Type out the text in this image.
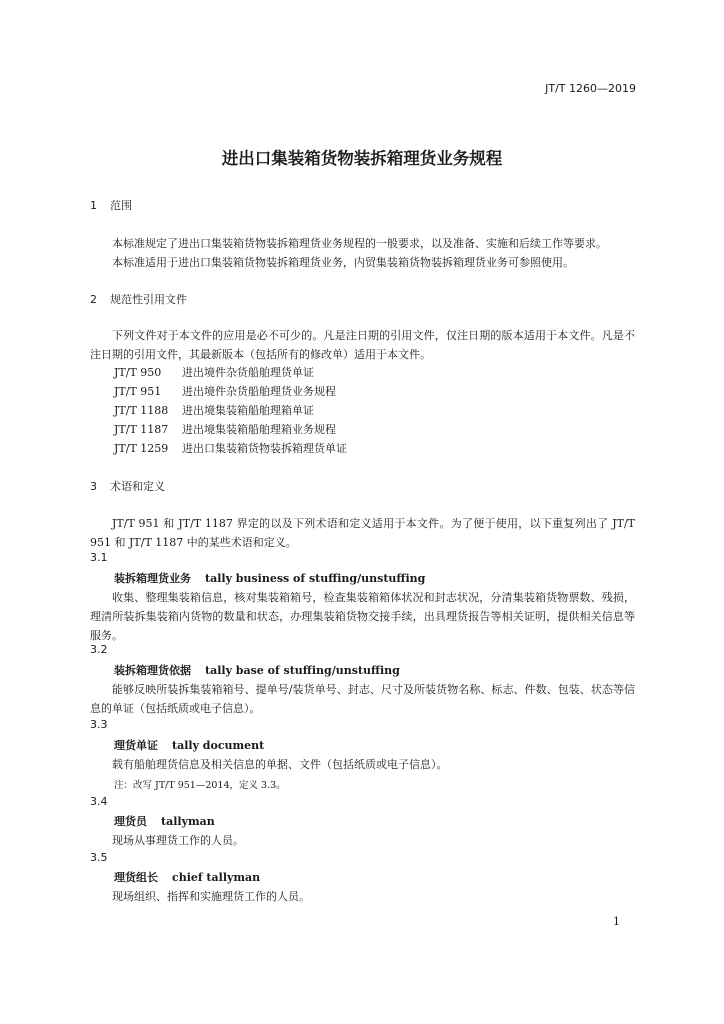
JT/T 1260—2019
进出口集装箱货物装拆箱理货业务规程
1 范围
本标准规定了进出口集装箱货物装拆箱理货业务规程的一般要求，以及准备、实施和后续工作等要求。
本标准适用于进出口集装箱货物装拆箱理货业务，内贸集装箱货物装拆箱理货业务可参照使用。
2 规范性引用文件
下列文件对于本文件的应用是必不可少的。凡是注日期的引用文件，仅注日期的版本适用于本文件。凡是不注日期的引用文件，其最新版本（包括所有的修改单）适用于本文件。
JT/T 950 进出境件杂货船舶理货单证
JT/T 951 进出境件杂货船舶理货业务规程
JT/T 1188 进出境集装箱船舶理箱单证
JT/T 1187 进出境集装箱船舶理箱业务规程
JT/T 1259 进出口集装箱货物装拆箱理货单证
3 术语和定义
JT/T 951 和 JT/T 1187 界定的以及下列术语和定义适用于本文件。为了便于使用，以下重复列出了 JT/T 951 和 JT/T 1187 中的某些术语和定义。
3.1
装拆箱理货业务 tally business of stuffing/unstuffing
收集、整理集装箱信息，核对集装箱箱号，检查集装箱箱体状况和封志状况，分清集装箱货物票数、残损，理清所装拆集装箱内货物的数量和状态，办理集装箱货物交接手续，出具理货报告等相关证明，提供相关信息等服务。
3.2
装拆箱理货依据 tally base of stuffing/unstuffing
能够反映所装拆集装箱箱号、提单号/装货单号、封志、尺寸及所装货物名称、标志、件数、包装、状态等信息的单证（包括纸质或电子信息）。
3.3
理货单证 tally document
载有船舶理货信息及相关信息的单据、文件（包括纸质或电子信息）。
注：改写 JT/T 951—2014，定义 3.3。
3.4
理货员 tallyman
现场从事理货工作的人员。
3.5
理货组长 chief tallyman
现场组织、指挥和实施理货工作的人员。
1
